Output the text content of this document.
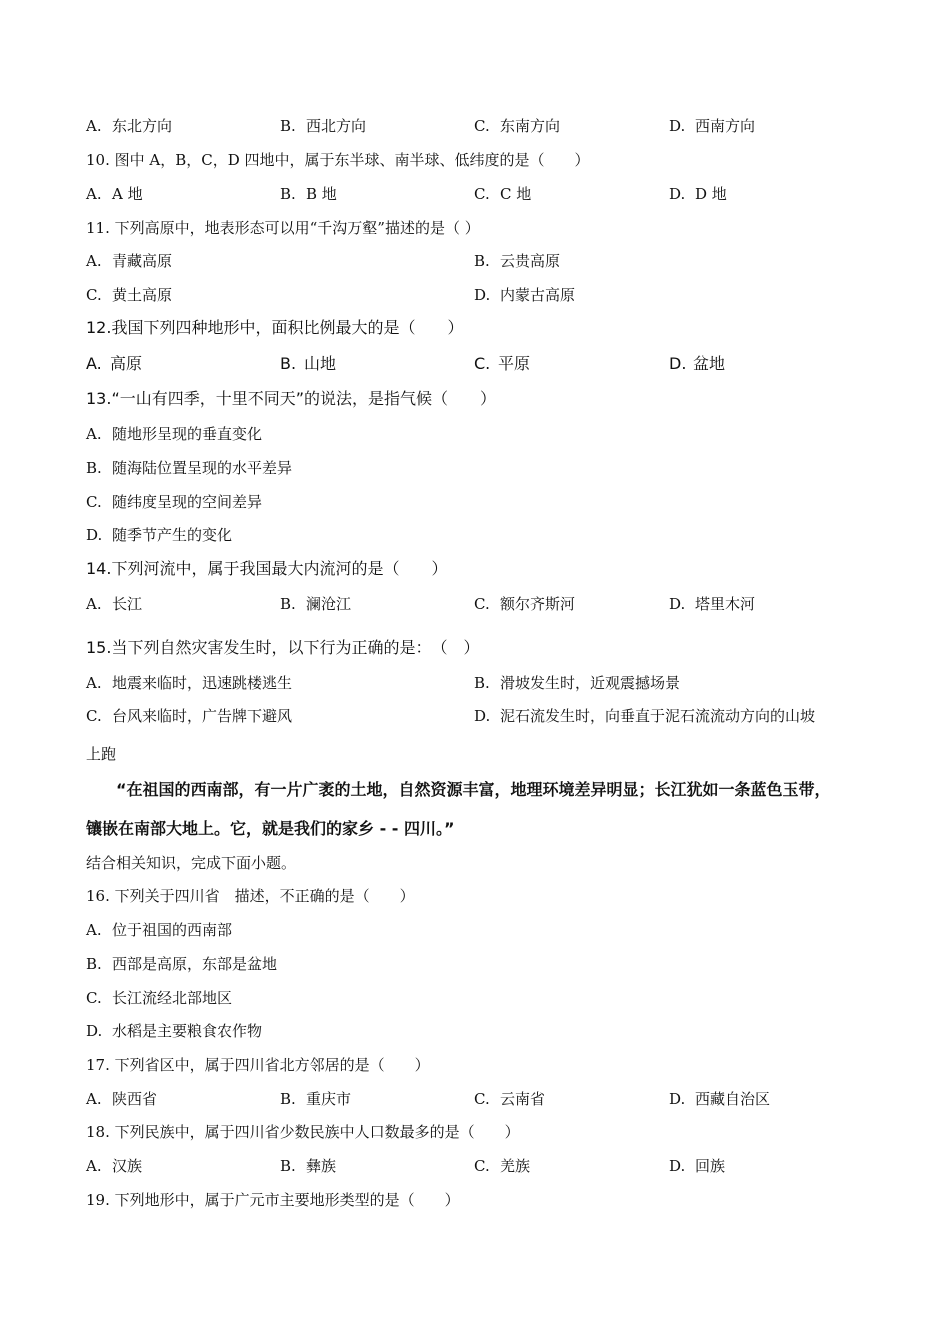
A. 东北方向	B. 西北方向	C. 东南方向	D. 西南方向
10. 图中 A，B，C，D 四地中，属于东半球、南半球、低纬度的是（　　）
A. A 地	B. B 地	C. C 地	D. D 地
11. 下列高原中，地表形态可以用“千沟万壑”描述的是（ ）
A. 青藏高原	B. 云贵高原
C. 黄土高原	D. 内蒙古高原
12.我国下列四种地形中，面积比例最大的是（　　）
A. 高原	B. 山地	C. 平原	D. 盆地
13.“一山有四季，十里不同天”的说法，是指气候（　　）
A. 随地形呈现的垂直变化
B. 随海陆位置呈现的水平差异
C. 随纬度呈现的空间差异
D. 随季节产生的变化
14.下列河流中，属于我国最大内流河的是（　　）
A. 长江	B. 澜沧江	C. 额尔齐斯河	D. 塔里木河
15.当下列自然灾害发生时，以下行为正确的是：　（　）
A. 地震来临时，迅速跳楼逃生	B. 滑坡发生时，近观震撼场景
C. 台风来临时，广告牌下避风	D. 泥石流发生时，向垂直于泥石流流动方向的山坡
上跑
“在祖国的西南部，有一片广袤的土地，自然资源丰富，地理环境差异明显；长江犹如一条蓝色玉带，
镶嵌在南部大地上。它，就是我们的家乡 - - 四川。”
结合相关知识，完成下面小题。
16. 下列关于四川省　描述，不正确的是（　　）
A. 位于祖国的西南部
B. 西部是高原，东部是盆地
C. 长江流经北部地区
D. 水稻是主要粮食农作物
17. 下列省区中，属于四川省北方邻居的是（　　）
A. 陕西省	B. 重庆市	C. 云南省	D. 西藏自治区
18. 下列民族中，属于四川省少数民族中人口数最多的是（　　）
A. 汉族	B. 彝族	C. 羌族	D. 回族
19. 下列地形中，属于广元市主要地形类型的是（　　）
